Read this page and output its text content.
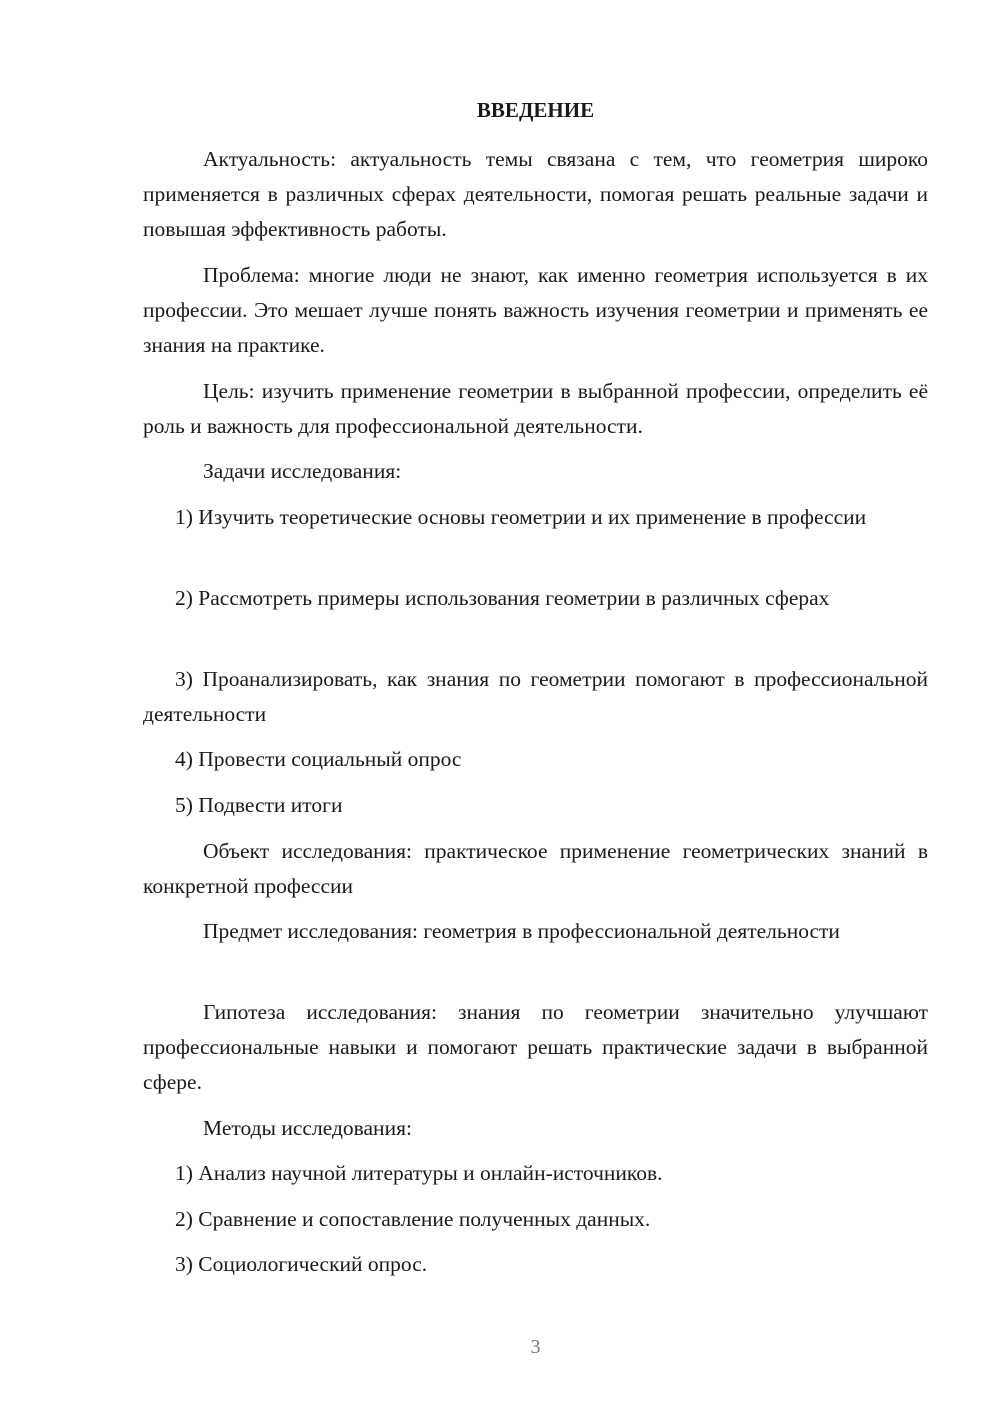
ВВЕДЕНИЕ
Актуальность: актуальность темы связана с тем, что геометрия широко применяется в различных сферах деятельности, помогая решать реальные задачи и повышая эффективность работы.
Проблема: многие люди не знают, как именно геометрия используется в их профессии. Это мешает лучше понять важность изучения геометрии и применять ее знания на практике.
Цель: изучить применение геометрии в выбранной профессии, определить её роль и важность для профессиональной деятельности.
Задачи исследования:
1) Изучить теоретические основы геометрии и их применение в профессии
2) Рассмотреть примеры использования геометрии в различных сферах
3) Проанализировать, как знания по геометрии помогают в профессиональной деятельности
4) Провести социальный опрос
5) Подвести итоги
Объект исследования: практическое применение геометрических знаний в конкретной профессии
Предмет исследования: геометрия в профессиональной деятельности
Гипотеза исследования: знания по геометрии значительно улучшают профессиональные навыки и помогают решать практические задачи в выбранной сфере.
Методы исследования:
1) Анализ научной литературы и онлайн-источников.
2) Сравнение и сопоставление полученных данных.
3) Социологический опрос.
3
